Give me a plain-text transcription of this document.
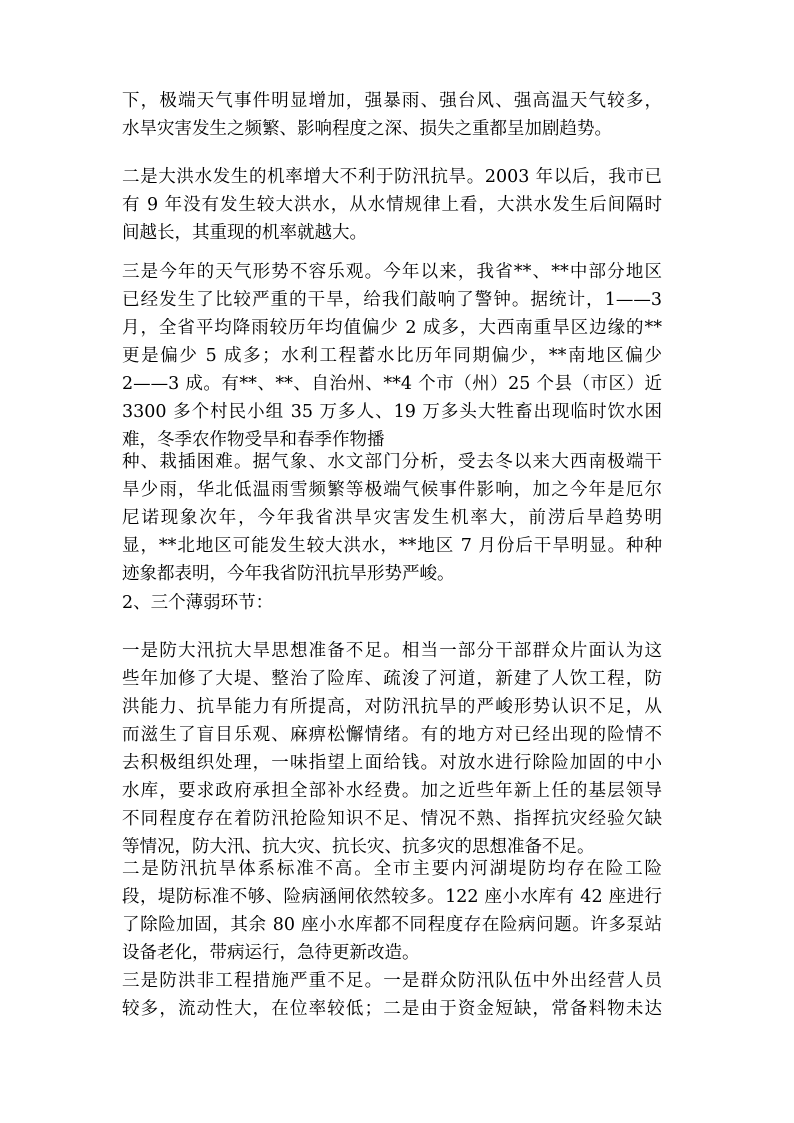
下，极端天气事件明显增加，强暴雨、强台风、强高温天气较多，
水旱灾害发生之频繁、影响程度之深、损失之重都呈加剧趋势。
二是大洪水发生的机率增大不利于防汛抗旱。2003 年以后，我市已
有 9 年没有发生较大洪水，从水情规律上看，大洪水发生后间隔时
间越长，其重现的机率就越大。
三是今年的天气形势不容乐观。今年以来，我省**、**中部分地区
已经发生了比较严重的干旱，给我们敲响了警钟。据统计，1——3
月，全省平均降雨较历年均值偏少 2 成多，大西南重旱区边缘的**
更是偏少 5 成多；水利工程蓄水比历年同期偏少，**南地区偏少
2——3 成。有**、**、自治州、**4 个市（州）25 个县（市区）近
3300 多个村民小组 35 万多人、19 万多头大牲畜出现临时饮水困
难，冬季农作物受旱和春季作物播
种、栽插困难。据气象、水文部门分析，受去冬以来大西南极端干
旱少雨，华北低温雨雪频繁等极端气候事件影响，加之今年是厄尔
尼诺现象次年，今年我省洪旱灾害发生机率大，前涝后旱趋势明
显，**北地区可能发生较大洪水，**地区 7 月份后干旱明显。种种
迹象都表明，今年我省防汛抗旱形势严峻。
2、三个薄弱环节：
一是防大汛抗大旱思想准备不足。相当一部分干部群众片面认为这
些年加修了大堤、整治了险库、疏浚了河道，新建了人饮工程，防
洪能力、抗旱能力有所提高，对防汛抗旱的严峻形势认识不足，从
而滋生了盲目乐观、麻痹松懈情绪。有的地方对已经出现的险情不
去积极组织处理，一味指望上面给钱。对放水进行除险加固的中小
水库，要求政府承担全部补水经费。加之近些年新上任的基层领导
不同程度存在着防汛抢险知识不足、情况不熟、指挥抗灾经验欠缺
等情况，防大汛、抗大灾、抗长灾、抗多灾的思想准备不足。
二是防汛抗旱体系标准不高。全市主要内河湖堤防均存在险工险
段，堤防标准不够、险病涵闸依然较多。122 座小水库有 42 座进行
了除险加固，其余 80 座小水库都不同程度存在险病问题。许多泵站
设备老化，带病运行，急待更新改造。
三是防洪非工程措施严重不足。一是群众防汛队伍中外出经营人员
较多，流动性大，在位率较低；二是由于资金短缺，常备料物未达
